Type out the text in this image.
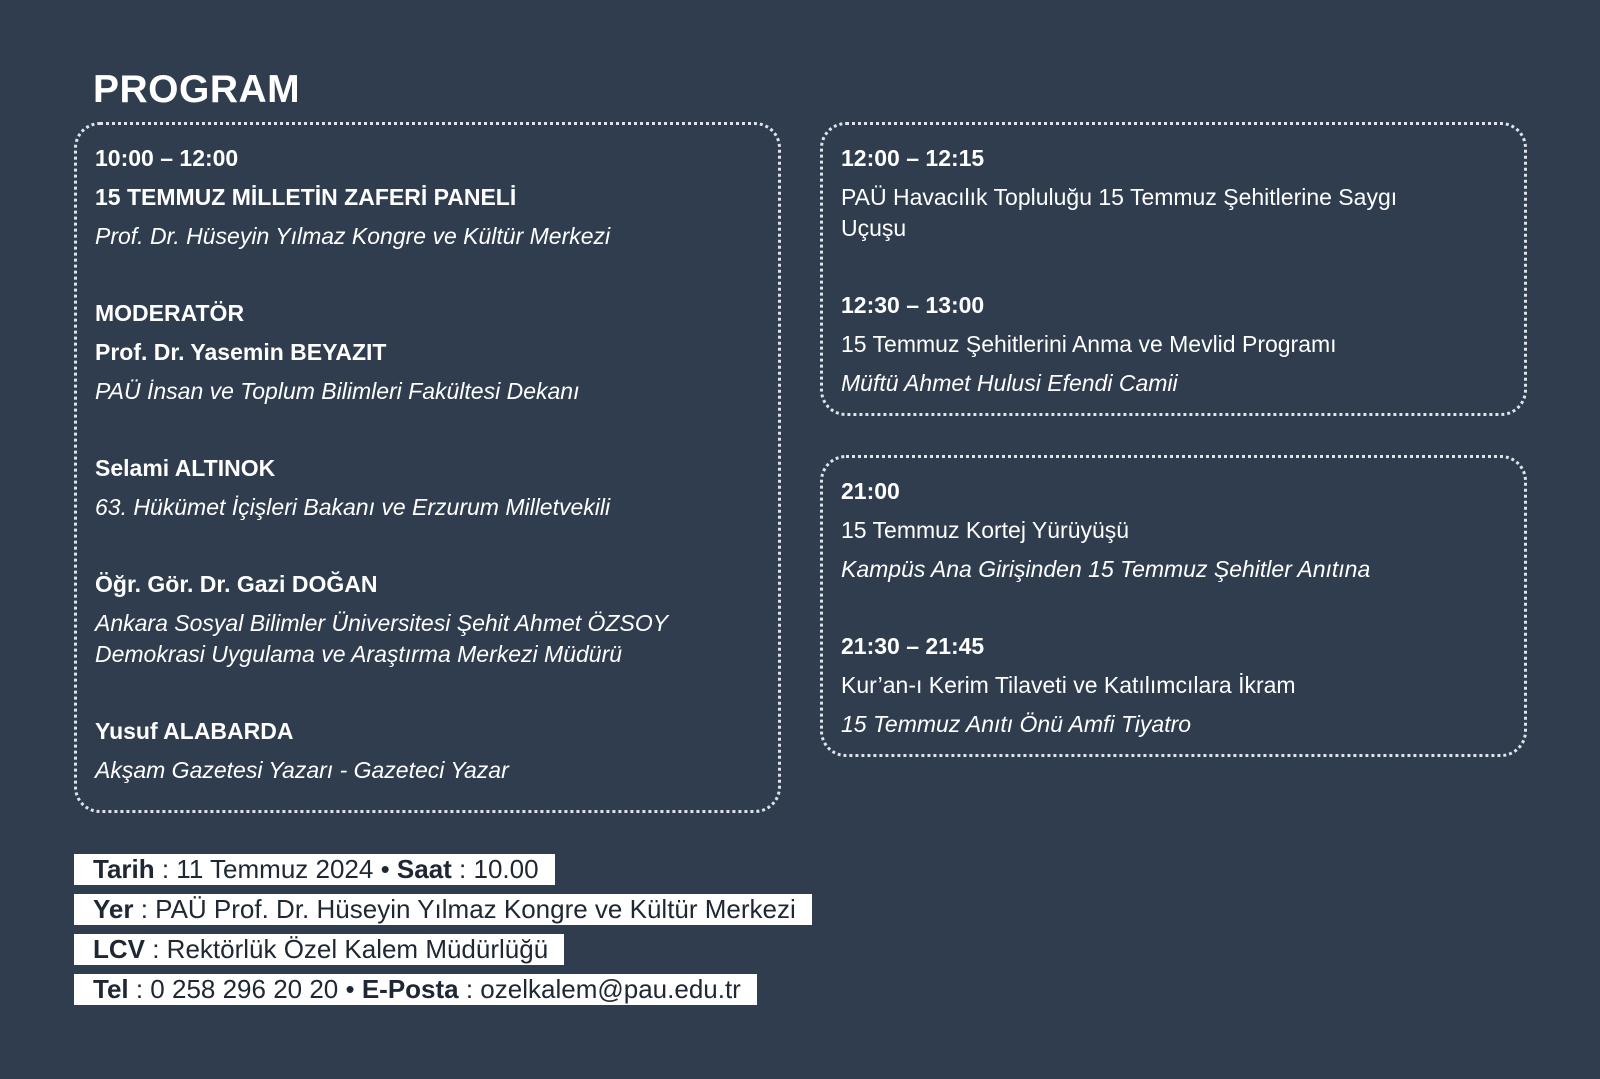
PROGRAM
10:00 – 12:00
15 TEMMUZ MİLLETİN ZAFERİ PANELİ
Prof. Dr. Hüseyin Yılmaz Kongre ve Kültür Merkezi
MODERATÖR
Prof. Dr. Yasemin BEYAZIT
PAÜ İnsan ve Toplum Bilimleri Fakültesi Dekanı
Selami ALTINOK
63. Hükümet İçişleri Bakanı ve Erzurum Milletvekili
Öğr. Gör. Dr. Gazi DOĞAN
Ankara Sosyal Bilimler Üniversitesi Şehit Ahmet ÖZSOY
Demokrasi Uygulama ve Araştırma Merkezi Müdürü
Yusuf ALABARDA
Akşam Gazetesi Yazarı - Gazeteci Yazar
12:00 – 12:15
PAÜ Havacılık Topluluğu 15 Temmuz Şehitlerine Saygı
Uçuşu
12:30 – 13:00
15 Temmuz Şehitlerini Anma ve Mevlid Programı
Müftü Ahmet Hulusi Efendi Camii
21:00
15 Temmuz Kortej Yürüyüşü
Kampüs Ana Girişinden 15 Temmuz Şehitler Anıtına
21:30 – 21:45
Kur’an-ı Kerim Tilaveti ve Katılımcılara İkram
15 Temmuz Anıtı Önü Amfi Tiyatro
Tarih : 11 Temmuz 2024 • Saat : 10.00
Yer : PAÜ Prof. Dr. Hüseyin Yılmaz Kongre ve Kültür Merkezi
LCV : Rektörlük Özel Kalem Müdürlüğü
Tel : 0 258 296 20 20 • E-Posta : ozelkalem@pau.edu.tr
